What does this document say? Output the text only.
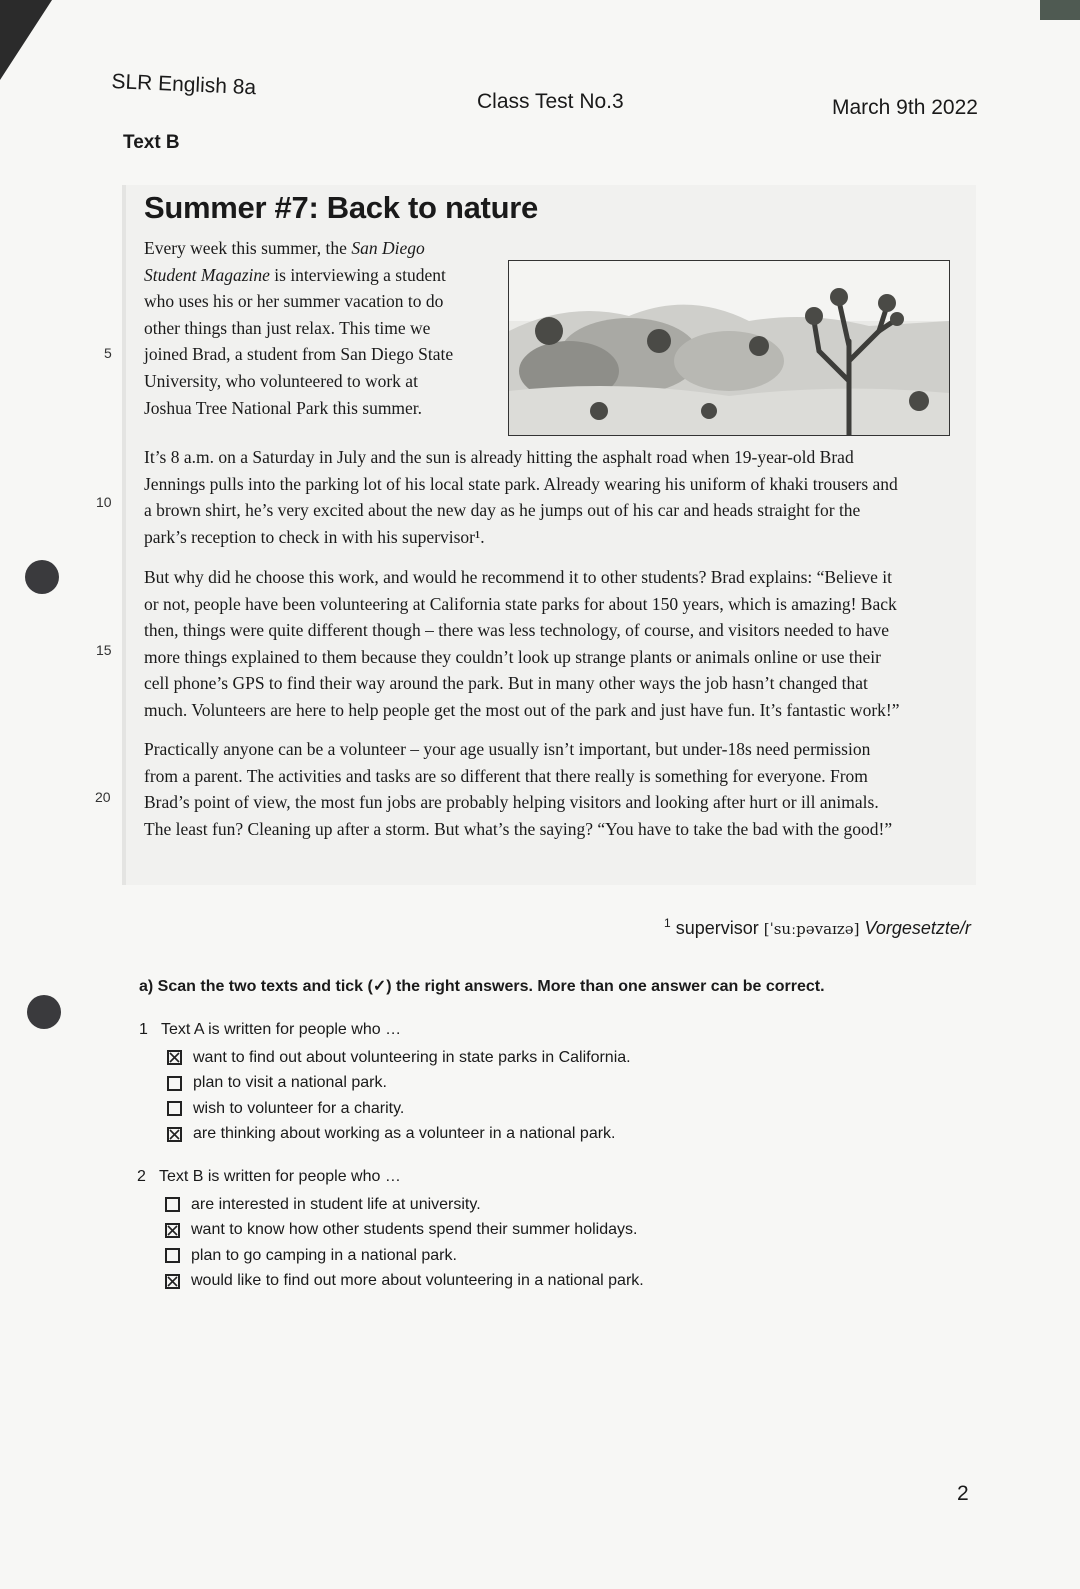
SLR English 8a
Class Test No.3	March 9th 2022
Text B
Summer #7: Back to nature
Every week this summer, the San Diego
Student Magazine is interviewing a student
who uses his or her summer vacation to do
other things than just relax. This time we
joined Brad, a student from San Diego State
University, who volunteered to work at
Joshua Tree National Park this summer.
It’s 8 a.m. on a Saturday in July and the sun is already hitting the asphalt road when 19-year-old Brad
Jennings pulls into the parking lot of his local state park. Already wearing his uniform of khaki trousers and
a brown shirt, he’s very excited about the new day as he jumps out of his car and heads straight for the
park’s reception to check in with his supervisor¹.
But why did he choose this work, and would he recommend it to other students? Brad explains: “Believe it
or not, people have been volunteering at California state parks for about 150 years, which is amazing! Back
then, things were quite different though – there was less technology, of course, and visitors needed to have
more things explained to them because they couldn’t look up strange plants or animals online or use their
cell phone’s GPS to find their way around the park. But in many other ways the job hasn’t changed that
much. Volunteers are here to help people get the most out of the park and just have fun. It’s fantastic work!”
Practically anyone can be a volunteer – your age usually isn’t important, but under-18s need permission
from a parent. The activities and tasks are so different that there really is something for everyone. From
Brad’s point of view, the most fun jobs are probably helping visitors and looking after hurt or ill animals.
The least fun? Cleaning up after a storm. But what’s the saying? “You have to take the bad with the good!”
5
10
15
20
$^1$ supervisor [ˈsuːpəvaɪzə] Vorgesetzte/r
a) Scan the two texts and tick (✓) the right answers. More than one answer can be correct.
1 Text A is written for people who …
want to find out about volunteering in state parks in California.
plan to visit a national park.
wish to volunteer for a charity.
are thinking about working as a volunteer in a national park.
2 Text B is written for people who …
are interested in student life at university.
want to know how other students spend their summer holidays.
plan to go camping in a national park.
would like to find out more about volunteering in a national park.
2
